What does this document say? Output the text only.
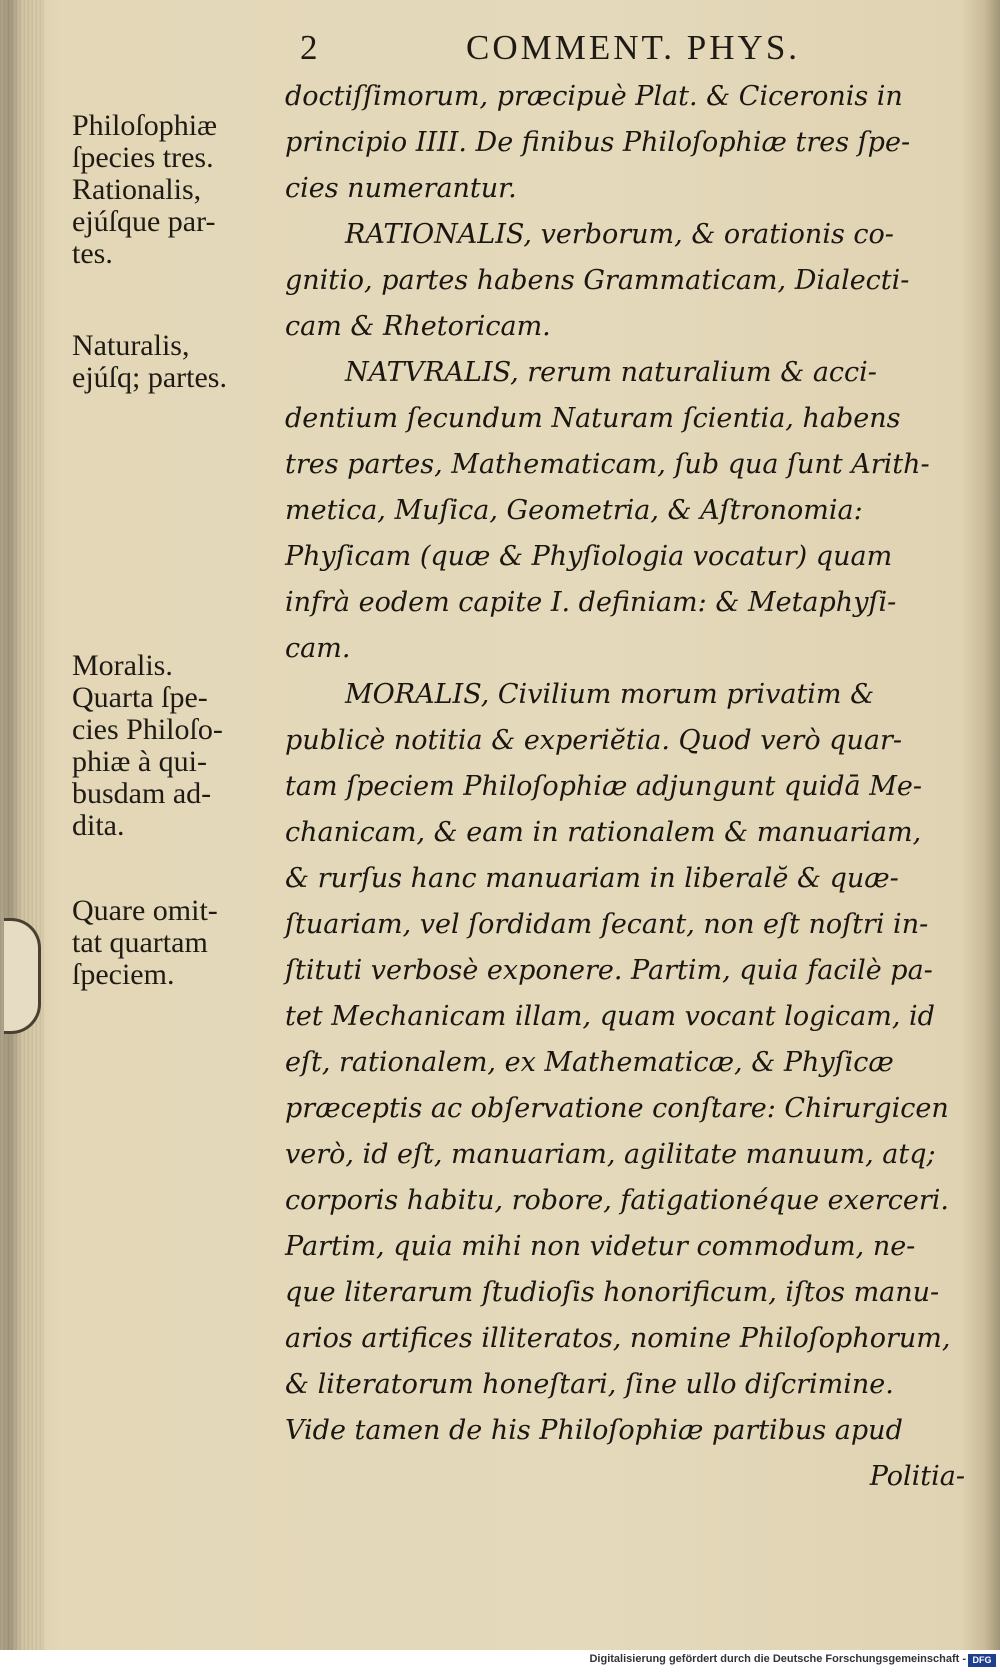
2	COMMENT. PHYS.
Philoſophiæ
ſpecies tres.
Rationalis,
ejúſque par-
tes.
Naturalis,
ejúſq; partes.
Moralis.
Quarta ſpe-
cies Philoſo-
phiæ à qui-
busdam ad-
dita.
Quare omit-
tat quartam
ſpeciem.
doctiſſimorum, præcipuè Plat. & Ciceronis in
principio IIII. De finibus Philoſophiæ tres ſpe-
cies numerantur.
RATIONALIS, verborum, & orationis co-
gnitio, partes habens Grammaticam, Dialecti-
cam & Rhetoricam.
NATVRALIS, rerum naturalium & acci-
dentium ſecundum Naturam ſcientia, habens
tres partes, Mathematicam, ſub qua ſunt Arith-
metica, Muſica, Geometria, & Aſtronomia:
Phyſicam (quæ & Phyſiologia vocatur) quam
infrà eodem capite I. definiam: & Metaphyſi-
cam.
MORALIS, Civilium morum privatim &
publicè notitia & experiĕtia. Quod verò quar-
tam ſpeciem Philoſophiæ adjungunt quidā Me-
chanicam, & eam in rationalem & manuariam,
& rurſus hanc manuariam in liberalĕ & quæ-
ſtuariam, vel ſordidam ſecant, non eſt noſtri in-
ſtituti verbosè exponere. Partim, quia facilè pa-
tet Mechanicam illam, quam vocant logicam, id
eſt, rationalem, ex Mathematicæ, & Phyſicæ
præceptis ac obſervatione conſtare: Chirurgicen
verò, id eſt, manuariam, agilitate manuum, atq;
corporis habitu, robore, fatigationéque exerceri.
Partim, quia mihi non videtur commodum, ne-
que literarum ſtudioſis honorificum, iſtos manu-
arios artifices illiteratos, nomine Philoſophorum,
& literatorum honeſtari, ſine ullo diſcrimine.
Vide tamen de his Philoſophiæ partibus apud
Politia-
Digitalisierung gefördert durch die Deutsche Forschungsgemeinschaft - DFG
